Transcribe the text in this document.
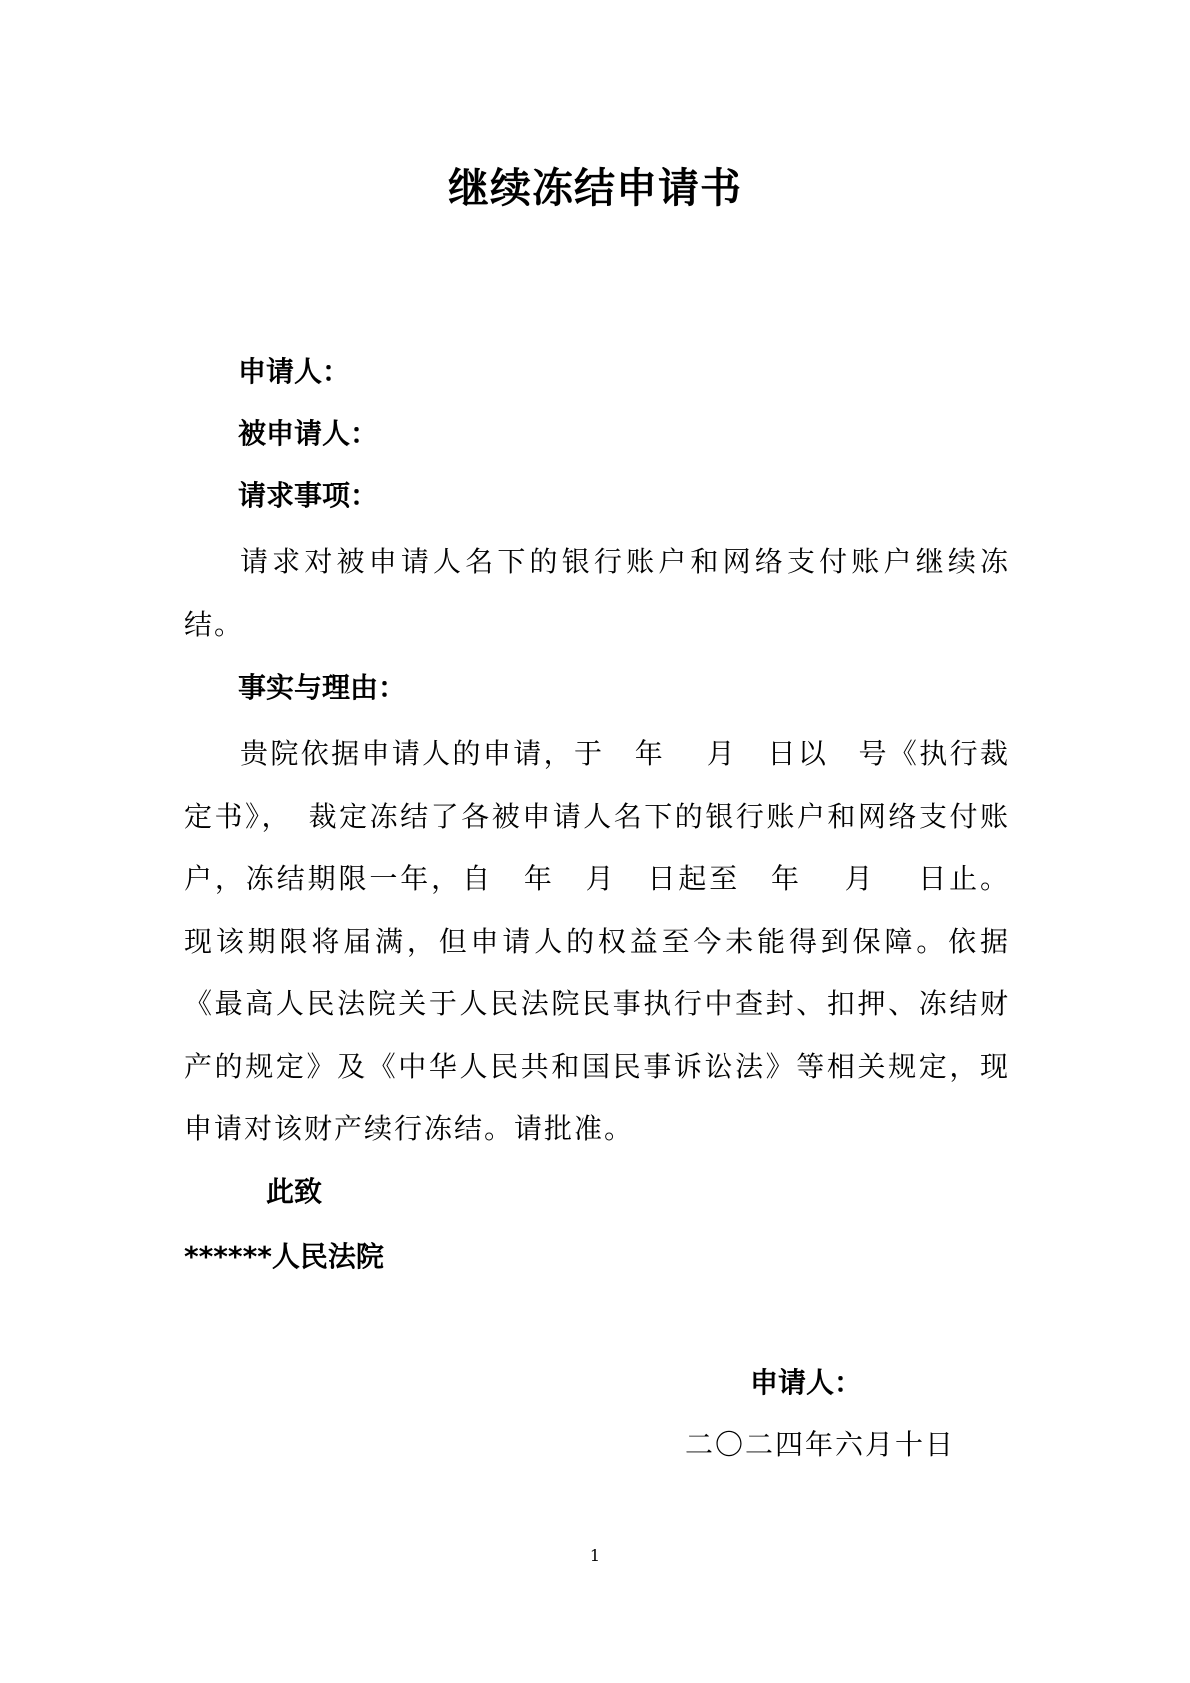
继续冻结申请书
申请人：
被申请人：
请求事项：
请求对被申请人名下的银行账户和网络支付账户继续冻结。
事实与理由：
贵院依据申请人的申请，于　年　 月　日以　号《执行裁定书》，　裁定冻结了各被申请人名下的银行账户和网络支付账户，冻结期限一年，自　年　月　日起至　年　 月　 日止。现该期限将届满，但申请人的权益至今未能得到保障。依据《最高人民法院关于人民法院民事执行中查封、扣押、冻结财产的规定》及《中华人民共和国民事诉讼法》等相关规定，现申请对该财产续行冻结。请批准。
此致
******人民法院
申请人：
二〇二四年六月十日
1
